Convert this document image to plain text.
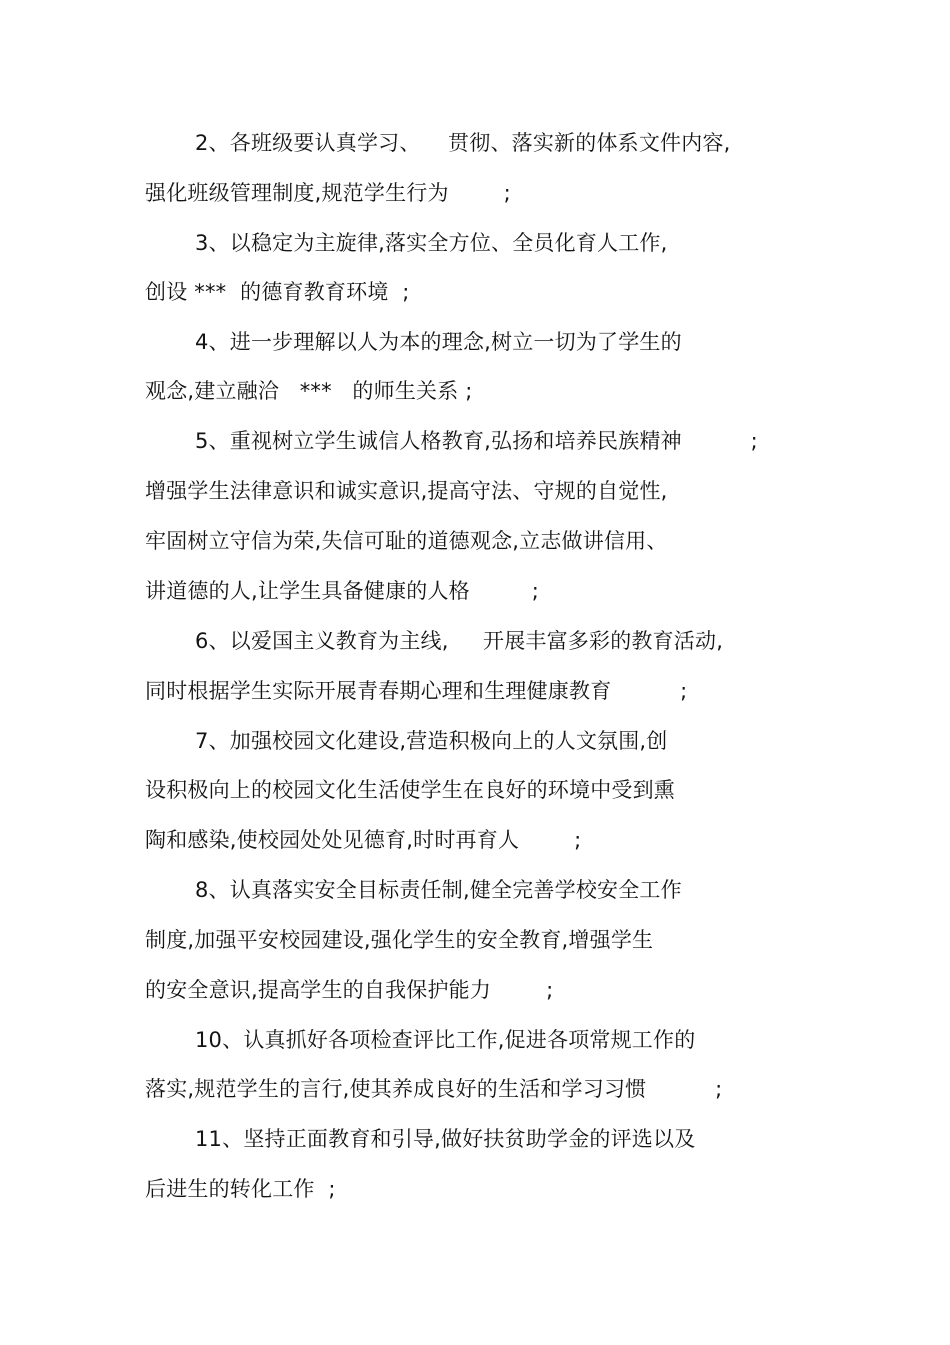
2、各班级要认真学习、    贯彻、落实新的体系文件内容,

强化班级管理制度,规范学生行为        ;

3、以稳定为主旋律,落实全方位、全员化育人工作,

创设 ***  的德育教育环境  ;

4、进一步理解以人为本的理念,树立一切为了学生的

观念,建立融洽   ***   的师生关系 ;

5、重视树立学生诚信人格教育,弘扬和培养民族精神          ;

增强学生法律意识和诚实意识,提高守法、守规的自觉性,

牢固树立守信为荣,失信可耻的道德观念,立志做讲信用、

讲道德的人,让学生具备健康的人格         ;

6、以爱国主义教育为主线,     开展丰富多彩的教育活动,

同时根据学生实际开展青春期心理和生理健康教育          ;

7、加强校园文化建设,营造积极向上的人文氛围,创

设积极向上的校园文化生活使学生在良好的环境中受到熏

陶和感染,使校园处处见德育,时时再育人        ;

8、认真落实安全目标责任制,健全完善学校安全工作

制度,加强平安校园建设,强化学生的安全教育,增强学生

的安全意识,提高学生的自我保护能力        ;

10、认真抓好各项检查评比工作,促进各项常规工作的

落实,规范学生的言行,使其养成良好的生活和学习习惯          ;

11、坚持正面教育和引导,做好扶贫助学金的评选以及

后进生的转化工作  ;
